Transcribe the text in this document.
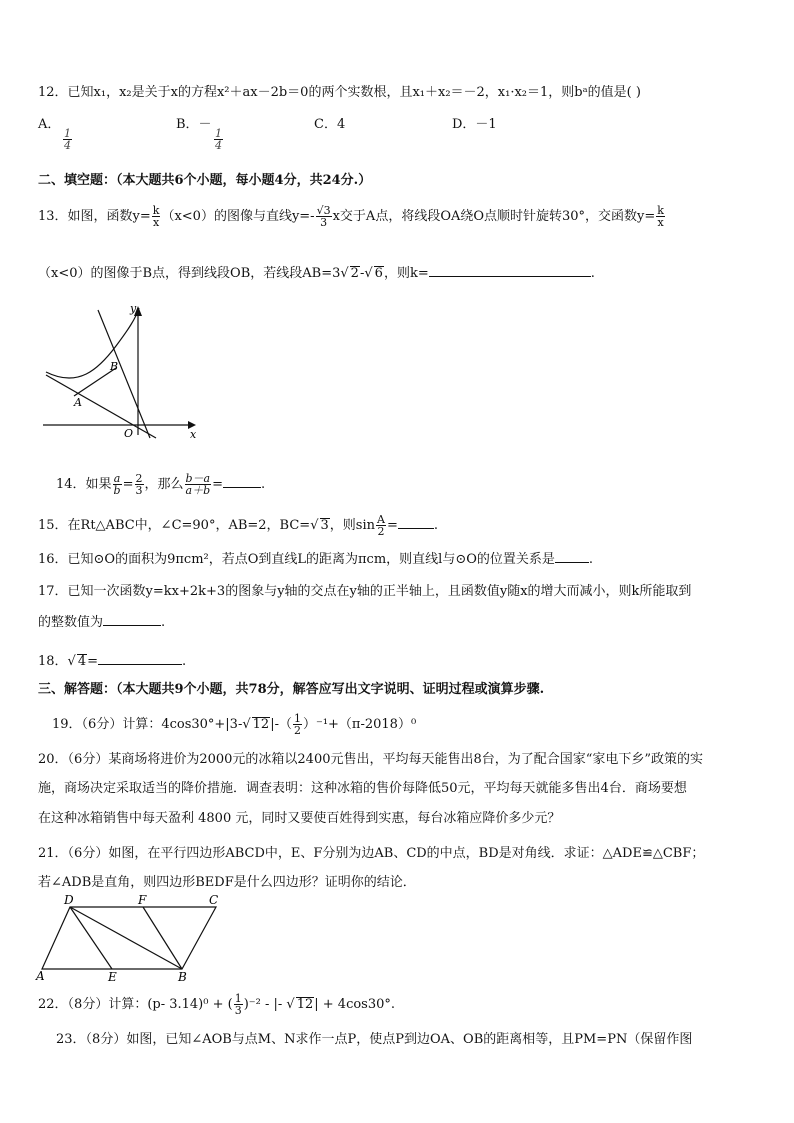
12．已知x₁，x₂是关于x的方程x²＋ax－2b＝0的两个实数根，且x₁＋x₂＝－2，x₁·x₂＝1，则bᵃ的值是( )
A．
$\frac{1}{4}$
B．－
$\frac{1}{4}$
C．4	D．－1
二、填空题：（本大题共6个小题，每小题4分，共24分.）
13．如图，函数$y= \frac{k}{x} (x<0)$的图像与直线$y=- \frac{√3}{3}$ x交于A点，将线段OA绕O点顺时针旋转30°，交函数$y= \frac{k}{x}$
（x<0）的图像于B点，得到线段OB，若线段AB=3√ 2-√ 6，则k=	.
y
x
O
A
B
14．如果 $\frac{a}{b} = \frac{2}{3}$ ，那么 $\frac{b-a}{a+b}$ =	.
15．在Rt△ABC中，∠C=90°，AB=2，BC=√ 3，则$\sin \frac{A}{2}$ =	.
16．已知⊙O的面积为9πcm²，若点O到直线L的距离为πcm，则直线l与⊙O的位置关系是	.
17．已知一次函数y=kx+2k+3的图象与y轴的交点在y轴的正半轴上，且函数值y随x的增大而减小，则k所能取到
的整数值为	.
18．√ 4=	.
三、解答题：（本大题共9个小题，共78分，解答应写出文字说明、证明过程或演算步骤.
19．（6分）计算：4cos30°+|3-√ $12|-( \frac{1}{2} )^{-1}+(\pi-2018)^0$
20．（6分）某商场将进价为2000元的冰箱以2400元售出，平均每天能售出8台，为了配合国家“家电下乡”政策的实
施，商场决定采取适当的降价措施．调查表明：这种冰箱的售价每降低50元，平均每天就能多售出4台．商场要想
在这种冰箱销售中每天盈利 4800 元，同时又要使百姓得到实惠，每台冰箱应降价多少元？
21．（6分）如图，在平行四边形ABCD中，E、F分别为边AB、CD的中点，BD是对角线．求证：△ADE≌△CBF；
若∠ADB是直角，则四边形BEDF是什么四边形？证明你的结论．
D	F	C
A	E	B
22．（8分）计算：(p- 3.14)⁰ + ( $\frac{1}{3} )^{-2}$ - |- √ 12| + 4cos30°.
23．（8分）如图，已知∠AOB与点M、N求作一点P，使点P到边OA、OB的距离相等，且PM=PN（保留作图
